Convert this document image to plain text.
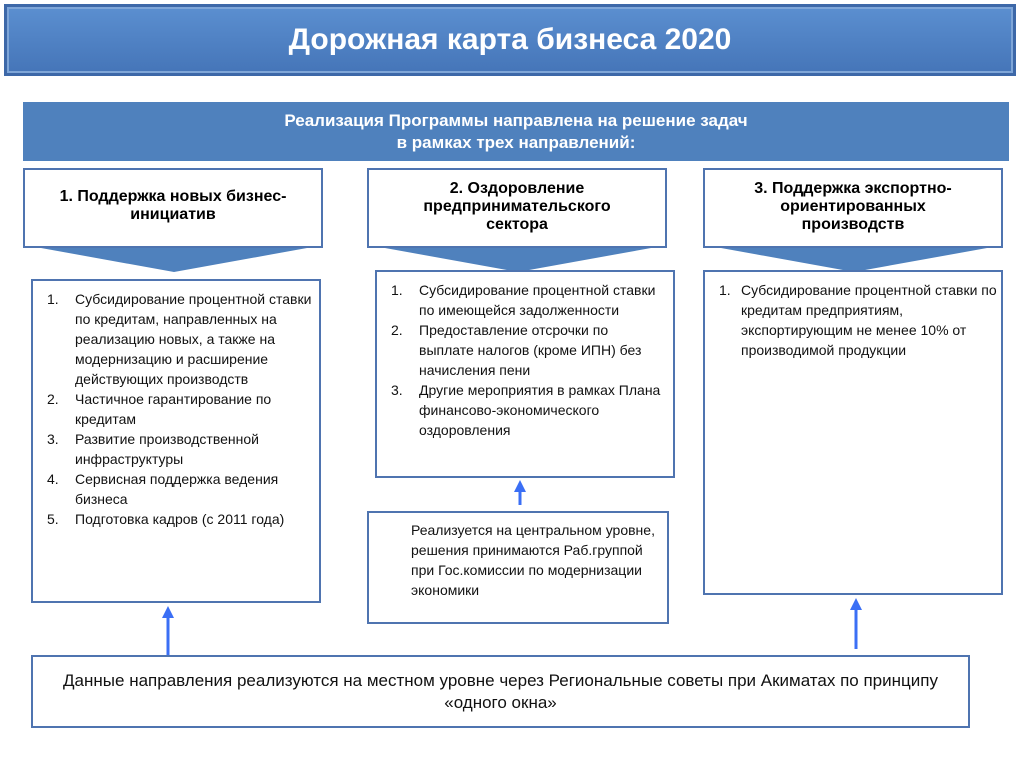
Дорожная карта бизнеса 2020
Реализация Программы направлена на решение задач
в рамках трех направлений:
1. Поддержка новых бизнес-инициатив
2. Оздоровление предпринимательского сектора
3. Поддержка экспортно-ориентированных производств
1. Субсидирование процентной ставки по кредитам, направленных на реализацию новых, а также на модернизацию и расширение действующих производств
2. Частичное гарантирование по кредитам
3. Развитие производственной инфраструктуры
4. Сервисная поддержка ведения бизнеса
5. Подготовка кадров (с 2011 года)
1. Субсидирование процентной ставки по имеющейся задолженности
2. Предоставление отсрочки по выплате налогов (кроме ИПН) без начисления пени
3. Другие мероприятия в рамках Плана финансово-экономического оздоровления
1. Субсидирование процентной ставки по кредитам предприятиям, экспортирующим не менее 10% от производимой продукции
Реализуется на центральном уровне, решения принимаются Раб.группой при Гос.комиссии по модернизации экономики
Данные направления реализуются на местном уровне через Региональные советы при Акиматах по принципу «одного окна»
